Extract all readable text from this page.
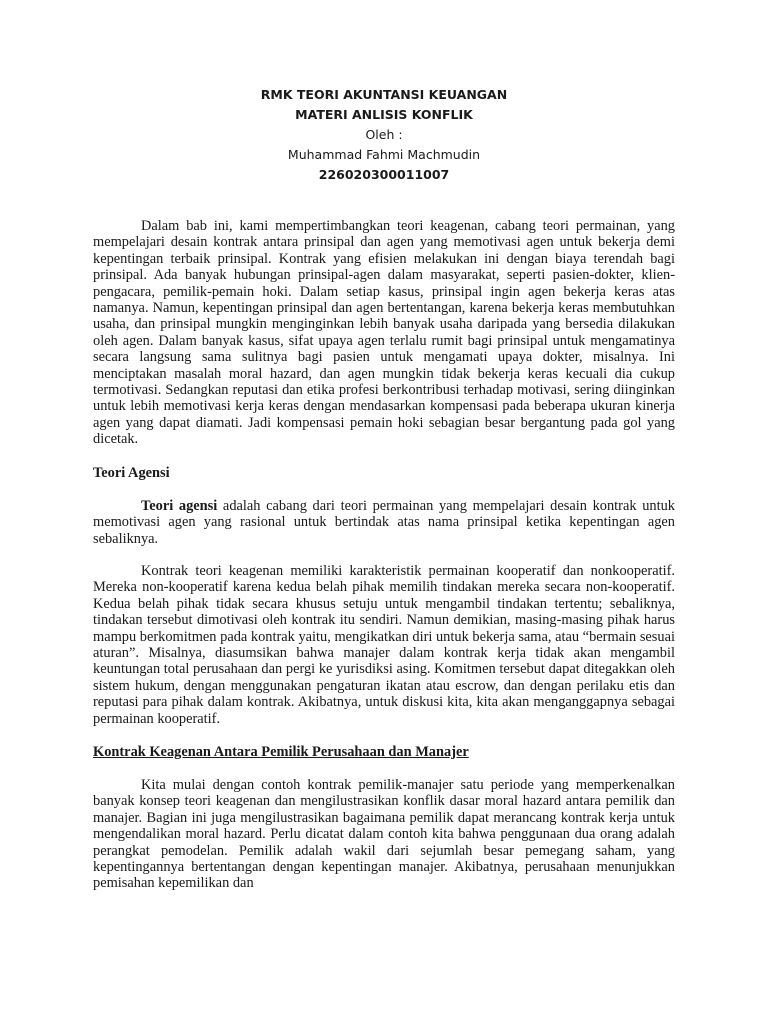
RMK TEORI AKUNTANSI KEUANGAN
MATERI ANLISIS KONFLIK
Oleh :
Muhammad Fahmi Machmudin
226020300011007

Dalam bab ini, kami mempertimbangkan teori keagenan, cabang teori permainan, yang mempelajari desain kontrak antara prinsipal dan agen yang memotivasi agen untuk bekerja demi kepentingan terbaik prinsipal. Kontrak yang efisien melakukan ini dengan biaya terendah bagi prinsipal. Ada banyak hubungan prinsipal-agen dalam masyarakat, seperti pasien-dokter, klien-pengacara, pemilik-pemain hoki. Dalam setiap kasus, prinsipal ingin agen bekerja keras atas namanya. Namun, kepentingan prinsipal dan agen bertentangan, karena bekerja keras membutuhkan usaha, dan prinsipal mungkin menginginkan lebih banyak usaha daripada yang bersedia dilakukan oleh agen. Dalam banyak kasus, sifat upaya agen terlalu rumit bagi prinsipal untuk mengamatinya secara langsung sama sulitnya bagi pasien untuk mengamati upaya dokter, misalnya. Ini menciptakan masalah moral hazard, dan agen mungkin tidak bekerja keras kecuali dia cukup termotivasi. Sedangkan reputasi dan etika profesi berkontribusi terhadap motivasi, sering diinginkan untuk lebih memotivasi kerja keras dengan mendasarkan kompensasi pada beberapa ukuran kinerja agen yang dapat diamati. Jadi kompensasi pemain hoki sebagian besar bergantung pada gol yang dicetak.

Teori Agensi

Teori agensi adalah cabang dari teori permainan yang mempelajari desain kontrak untuk memotivasi agen yang rasional untuk bertindak atas nama prinsipal ketika kepentingan agen sebaliknya.

Kontrak teori keagenan memiliki karakteristik permainan kooperatif dan nonkooperatif. Mereka non-kooperatif karena kedua belah pihak memilih tindakan mereka secara non-kooperatif. Kedua belah pihak tidak secara khusus setuju untuk mengambil tindakan tertentu; sebaliknya, tindakan tersebut dimotivasi oleh kontrak itu sendiri. Namun demikian, masing-masing pihak harus mampu berkomitmen pada kontrak yaitu, mengikatkan diri untuk bekerja sama, atau “bermain sesuai aturan”. Misalnya, diasumsikan bahwa manajer dalam kontrak kerja tidak akan mengambil keuntungan total perusahaan dan pergi ke yurisdiksi asing. Komitmen tersebut dapat ditegakkan oleh sistem hukum, dengan menggunakan pengaturan ikatan atau escrow, dan dengan perilaku etis dan reputasi para pihak dalam kontrak. Akibatnya, untuk diskusi kita, kita akan menganggapnya sebagai permainan kooperatif.

Kontrak Keagenan Antara Pemilik Perusahaan dan Manajer

Kita mulai dengan contoh kontrak pemilik-manajer satu periode yang memperkenalkan banyak konsep teori keagenan dan mengilustrasikan konflik dasar moral hazard antara pemilik dan manajer. Bagian ini juga mengilustrasikan bagaimana pemilik dapat merancang kontrak kerja untuk mengendalikan moral hazard. Perlu dicatat dalam contoh kita bahwa penggunaan dua orang adalah perangkat pemodelan. Pemilik adalah wakil dari sejumlah besar pemegang saham, yang kepentingannya bertentangan dengan kepentingan manajer. Akibatnya, perusahaan menunjukkan pemisahan kepemilikan dan
